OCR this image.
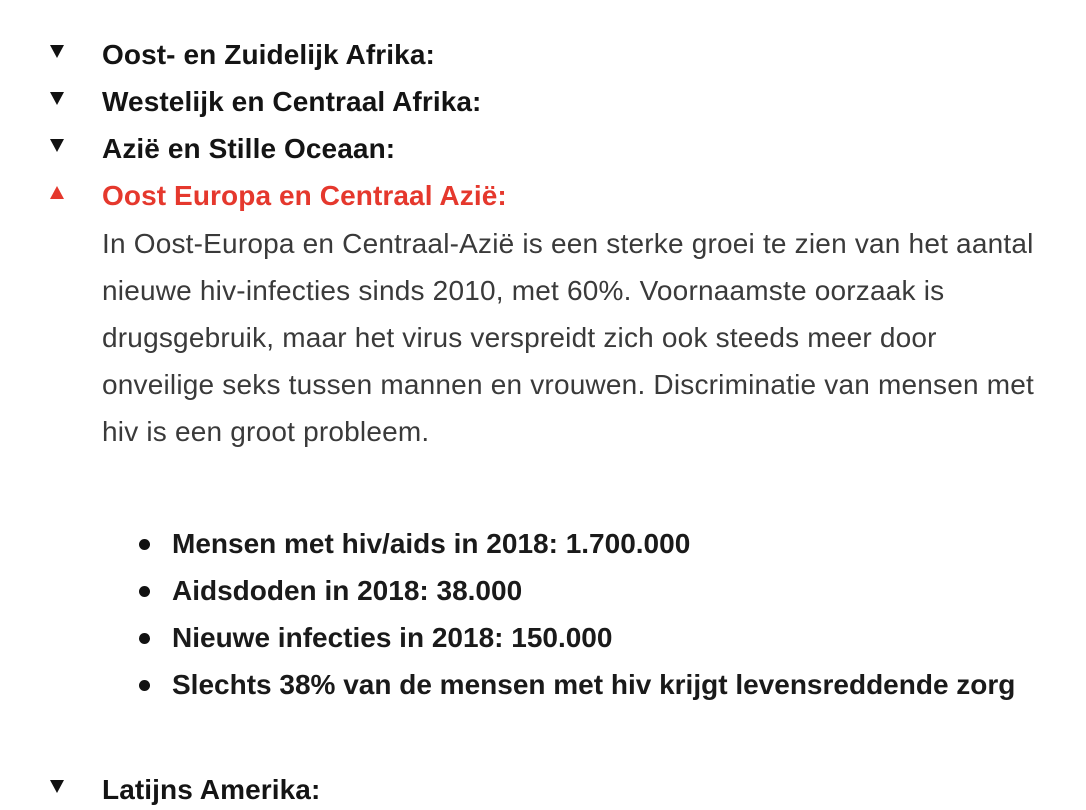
Oost- en Zuidelijk Afrika:
Westelijk en Centraal Afrika:
Azië en Stille Oceaan:
Oost Europa en Centraal Azië:
In Oost-Europa en Centraal-Azië is een sterke groei te zien van het aantal nieuwe hiv-infecties sinds 2010, met 60%. Voornaamste oorzaak is drugsgebruik, maar het virus verspreidt zich ook steeds meer door onveilige seks tussen mannen en vrouwen. Discriminatie van mensen met hiv is een groot probleem.
Mensen met hiv/aids in 2018: 1.700.000
Aidsdoden in 2018: 38.000
Nieuwe infecties in 2018: 150.000
Slechts 38% van de mensen met hiv krijgt levensreddende zorg
Latijns Amerika:
